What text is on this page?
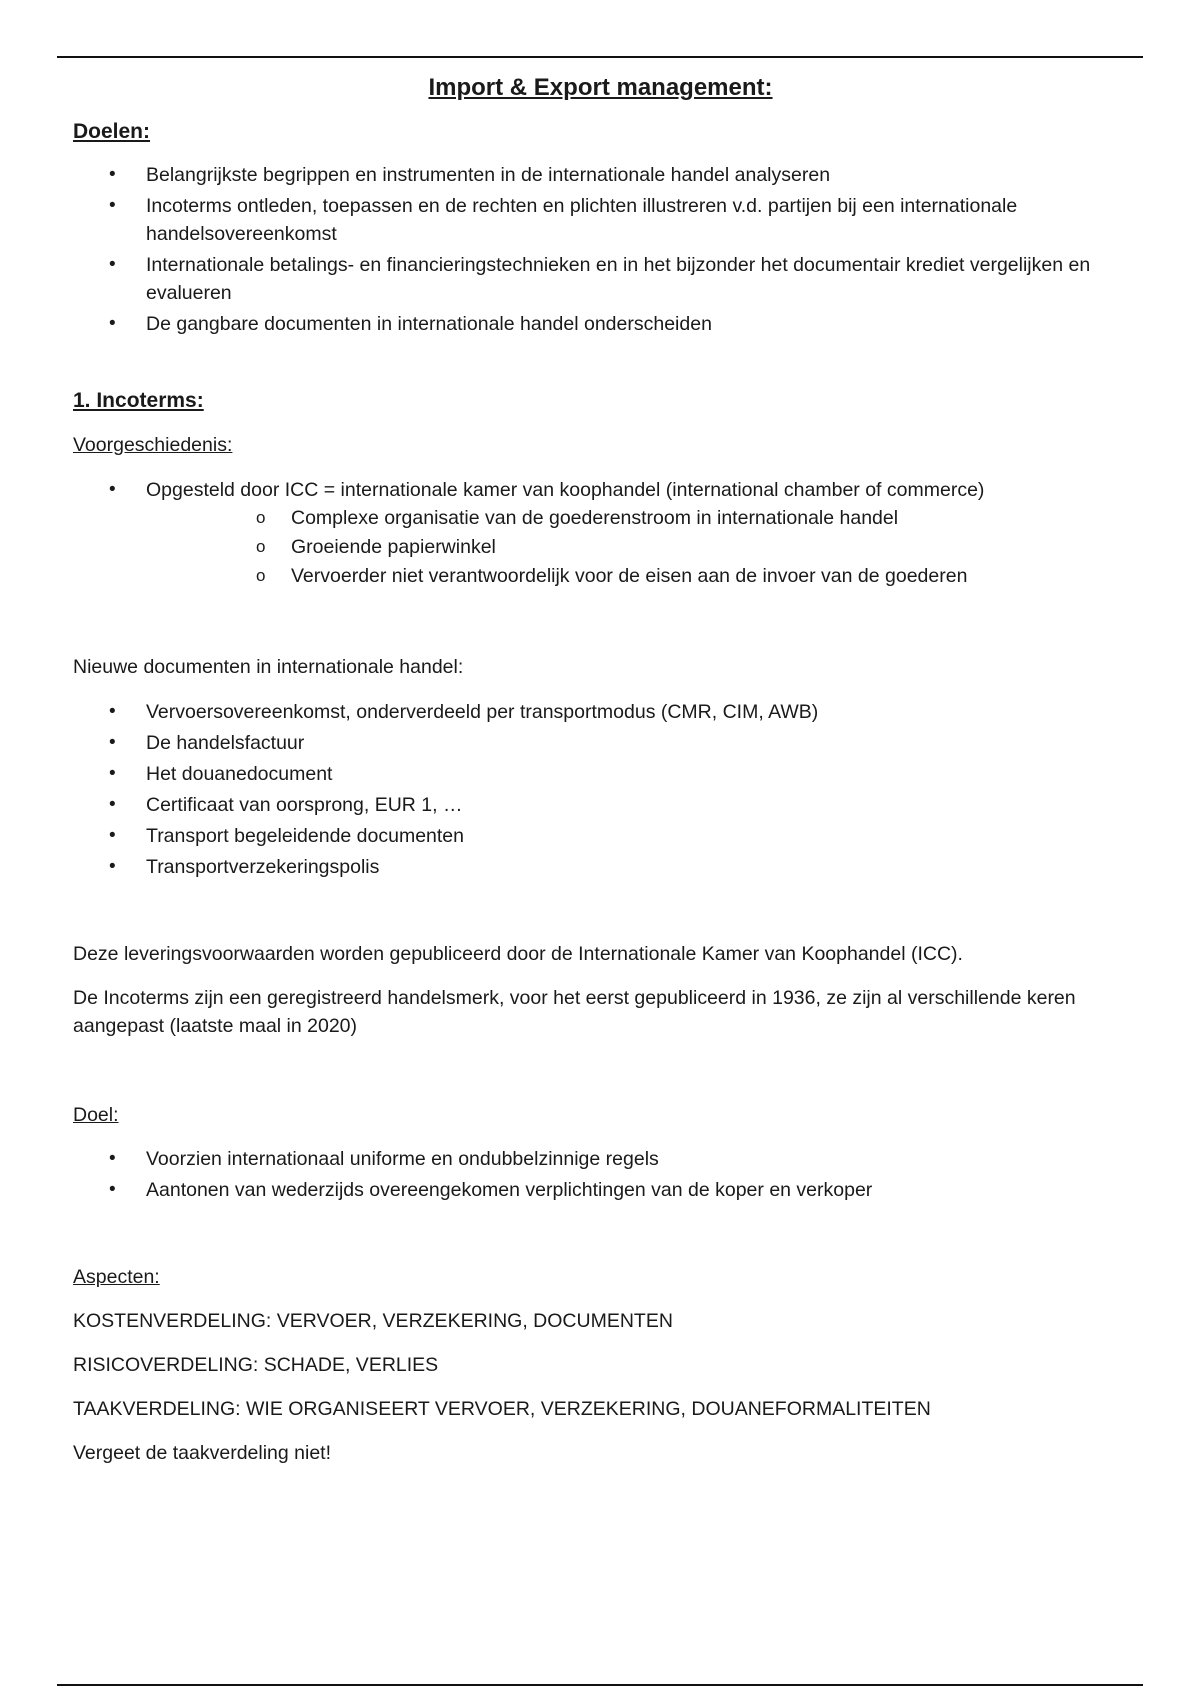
Import & Export management:
Doelen:
• Belangrijkste begrippen en instrumenten in de internationale handel analyseren
• Incoterms ontleden, toepassen en de rechten en plichten illustreren v.d. partijen bij een internationale handelsovereenkomst
• Internationale betalings- en financieringstechnieken en in het bijzonder het documentair krediet vergelijken en evalueren
• De gangbare documenten in internationale handel onderscheiden
1. Incoterms:

Voorgeschiedenis:

• Opgesteld door ICC = internationale kamer van koophandel (international chamber of commerce)
o Complexe organisatie van de goederenstroom in internationale handel
o Groeiende papierwinkel
o Vervoerder niet verantwoordelijk voor de eisen aan de invoer van de goederen

Nieuwe documenten in internationale handel:

• Vervoersovereenkomst, onderverdeeld per transportmodus (CMR, CIM, AWB)
• De handelsfactuur
• Het douanedocument
• Certificaat van oorsprong, EUR 1, …
• Transport begeleidende documenten
• Transportverzekeringspolis

Deze leveringsvoorwaarden worden gepubliceerd door de Internationale Kamer van Koophandel (ICC).

De Incoterms zijn een geregistreerd handelsmerk, voor het eerst gepubliceerd in 1936, ze zijn al verschillende keren aangepast (laatste maal in 2020)

Doel:

• Voorzien internationaal uniforme en ondubbelzinnige regels
• Aantonen van wederzijds overeengekomen verplichtingen van de koper en verkoper

Aspecten:

KOSTENVERDELING: VERVOER, VERZEKERING, DOCUMENTEN

RISICOVERDELING: SCHADE, VERLIES

TAAKVERDELING: WIE ORGANISEERT VERVOER, VERZEKERING, DOUANEFORMALITEITEN

Vergeet de taakverdeling niet!
